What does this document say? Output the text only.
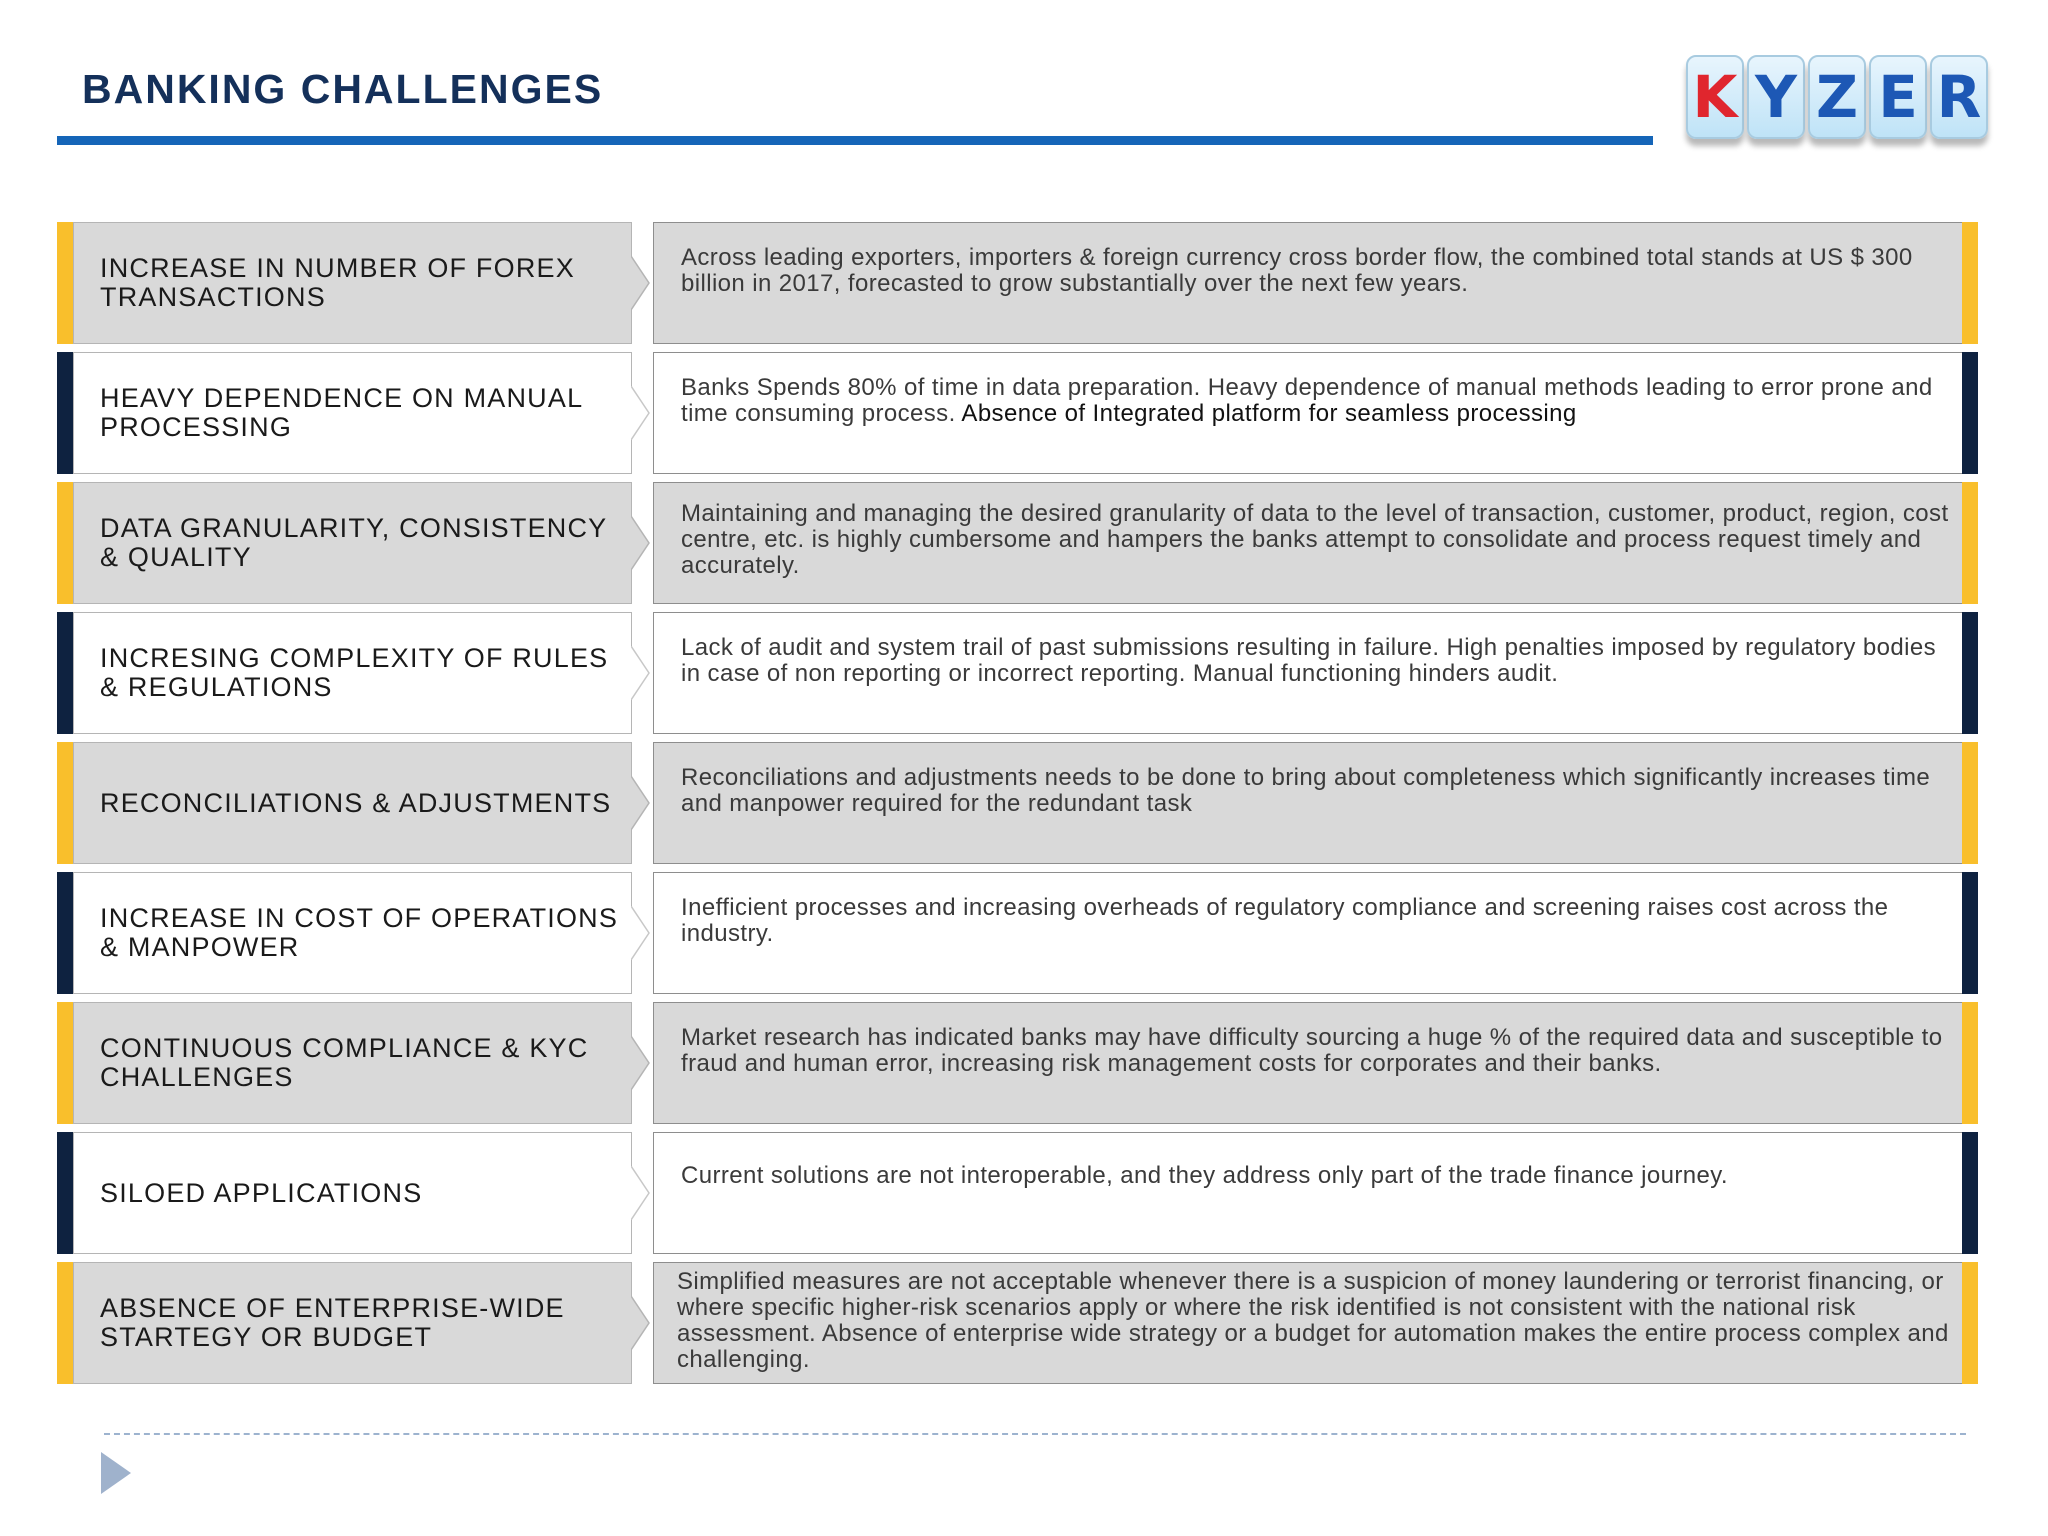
BANKING CHALLENGES	K Y Z E R
INCREASE IN NUMBER OF FOREX TRANSACTIONS
Across leading exporters, importers & foreign currency cross border flow, the combined total stands at US $ 300 billion in 2017, forecasted to grow substantially over the next few years.
HEAVY DEPENDENCE ON MANUAL PROCESSING
Banks Spends 80% of time in data preparation. Heavy dependence of manual methods leading to error prone and time consuming process. Absence of Integrated platform for seamless processing
DATA GRANULARITY, CONSISTENCY & QUALITY
Maintaining and managing the desired granularity of data to the level of transaction, customer, product, region, cost centre, etc. is highly cumbersome and hampers the banks attempt to consolidate and process request timely and accurately.
INCRESING COMPLEXITY OF RULES & REGULATIONS
Lack of audit and system trail of past submissions resulting in failure. High penalties imposed by regulatory bodies in case of non reporting or incorrect reporting. Manual functioning hinders audit.
RECONCILIATIONS & ADJUSTMENTS
Reconciliations and adjustments needs to be done to bring about completeness which significantly increases time and manpower required for the redundant task
INCREASE IN COST OF OPERATIONS & MANPOWER
Inefficient processes and increasing overheads of regulatory compliance and screening raises cost across the industry.
CONTINUOUS COMPLIANCE & KYC CHALLENGES
Market research has indicated banks may have difficulty sourcing a huge % of the required data and susceptible to fraud and human error, increasing risk management costs for corporates and their banks.
SILOED APPLICATIONS
Current solutions are not interoperable, and they address only part of the trade finance journey.
ABSENCE OF ENTERPRISE-WIDE STARTEGY OR BUDGET
Simplified measures are not acceptable whenever there is a suspicion of money laundering or terrorist financing, or where specific higher-risk scenarios apply or where the risk identified is not consistent with the national risk assessment. Absence of enterprise wide strategy or a budget for automation makes the entire process complex and challenging.
